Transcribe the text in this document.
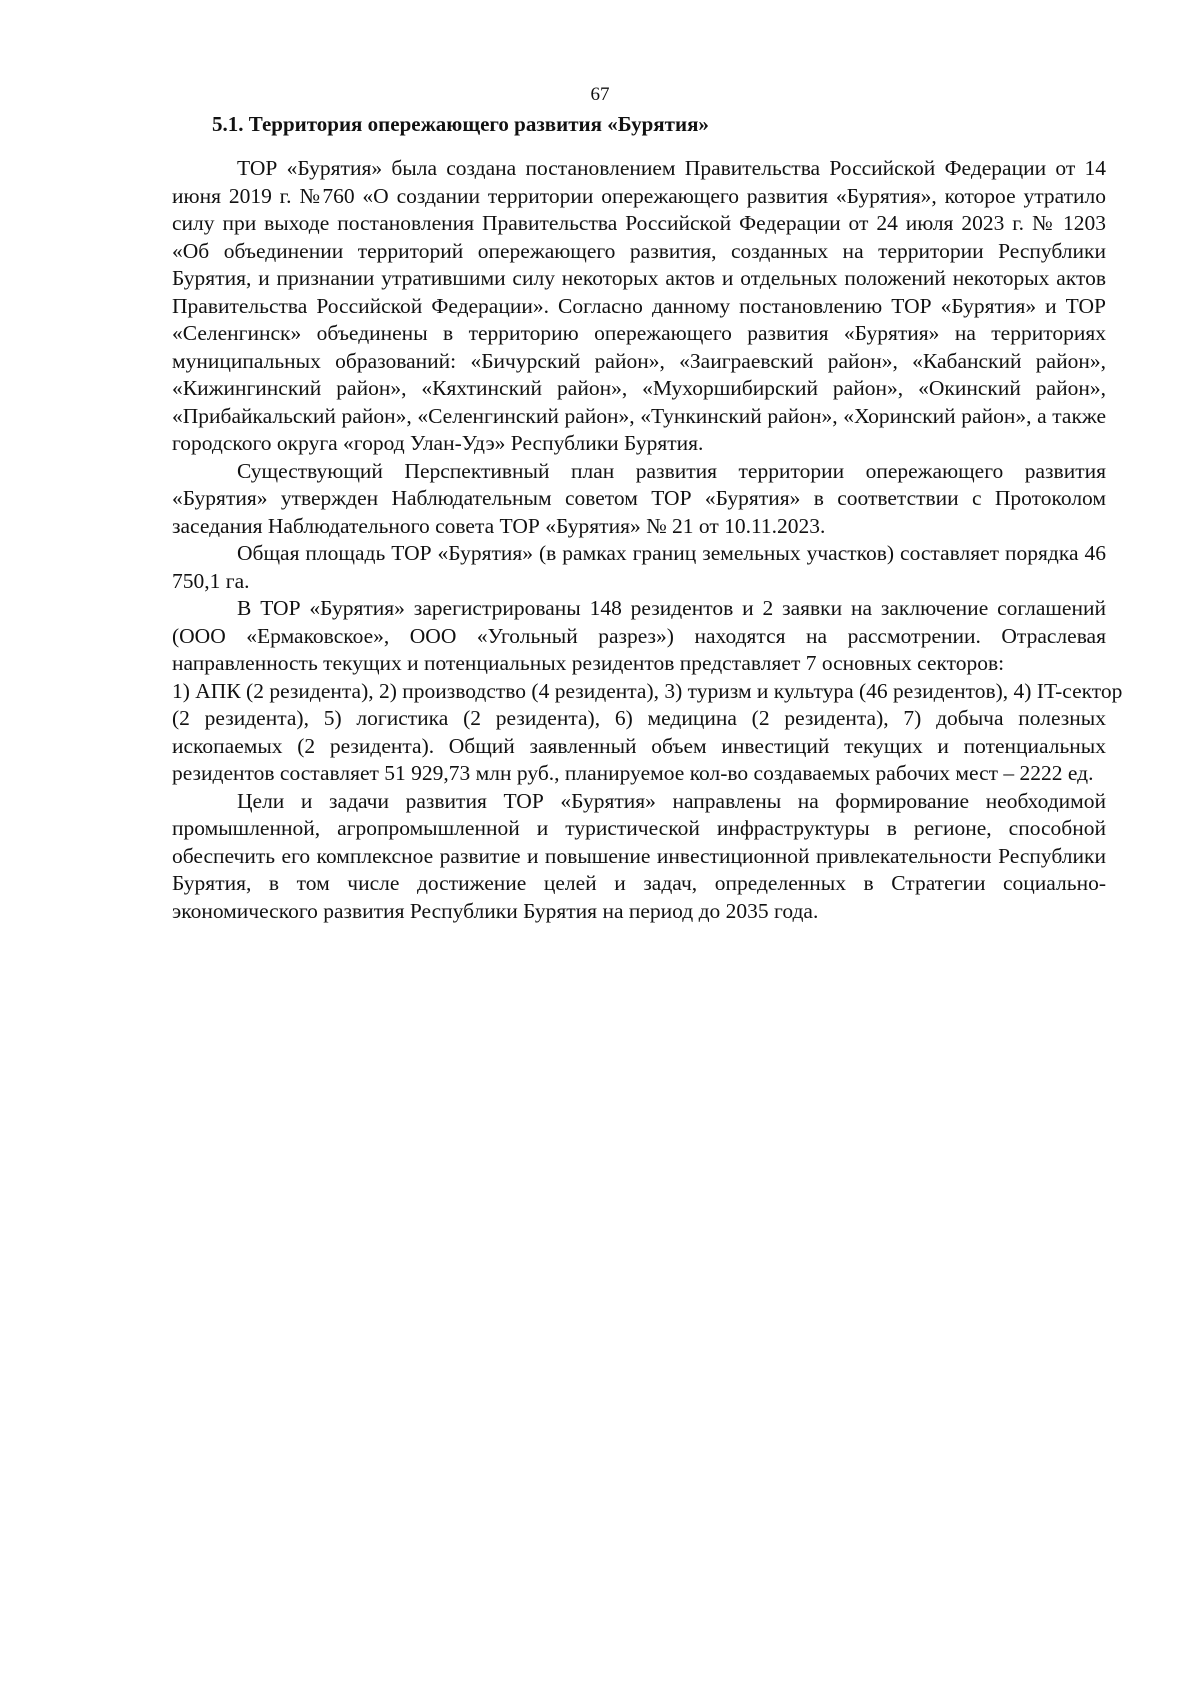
67
5.1. Территория опережающего развития «Бурятия»

ТОР «Бурятия» была создана постановлением Правительства Российской Федерации от 14 июня 2019 г. №760 «О создании территории опережающего развития «Бурятия», которое утратило силу при выходе постановления Правительства Российской Федерации от 24 июля 2023 г. № 1203 «Об объединении территорий опережающего развития, созданных на территории Республики Бурятия, и признании утратившими силу некоторых актов и отдельных положений некоторых актов Правительства Российской Федерации». Согласно данному постановлению ТОР «Бурятия» и ТОР «Селенгинск» объединены в территорию опережающего развития «Бурятия» на территориях муниципальных образований: «Бичурский район», «Заиграевский район», «Кабанский район», «Кижингинский район», «Кяхтинский район», «Мухоршибирский район», «Окинский район», «Прибайкальский район», «Селенгинский район», «Тункинский район», «Хоринский район», а также городского округа «город Улан-Удэ» Республики Бурятия.

Существующий Перспективный план развития территории опережающего развития «Бурятия» утвержден Наблюдательным советом ТОР «Бурятия» в соответствии с Протоколом заседания Наблюдательного совета ТОР «Бурятия» № 21 от 10.11.2023.

Общая площадь ТОР «Бурятия» (в рамках границ земельных участков) составляет порядка 46 750,1 га.

В ТОР «Бурятия» зарегистрированы 148 резидентов и 2 заявки на заключение соглашений (ООО «Ермаковское», ООО «Угольный разрез») находятся на рассмотрении. Отраслевая направленность текущих и потенциальных резидентов представляет 7 основных секторов:

1) АПК (2 резидента), 2) производство (4 резидента), 3) туризм и культура (46 резидентов), 4) IT-сектор

(2 резидента), 5) логистика (2 резидента), 6) медицина (2 резидента), 7) добыча полезных ископаемых (2 резидента). Общий заявленный объем инвестиций текущих и потенциальных резидентов составляет 51 929,73 млн руб., планируемое кол-во создаваемых рабочих мест – 2222 ед.

Цели и задачи развития ТОР «Бурятия» направлены на формирование необходимой промышленной, агропромышленной и туристической инфраструктуры в регионе, способной обеспечить его комплексное развитие и повышение инвестиционной привлекательности Республики Бурятия, в том числе достижение целей и задач, определенных в Стратегии социально-экономического развития Республики Бурятия на период до 2035 года.
